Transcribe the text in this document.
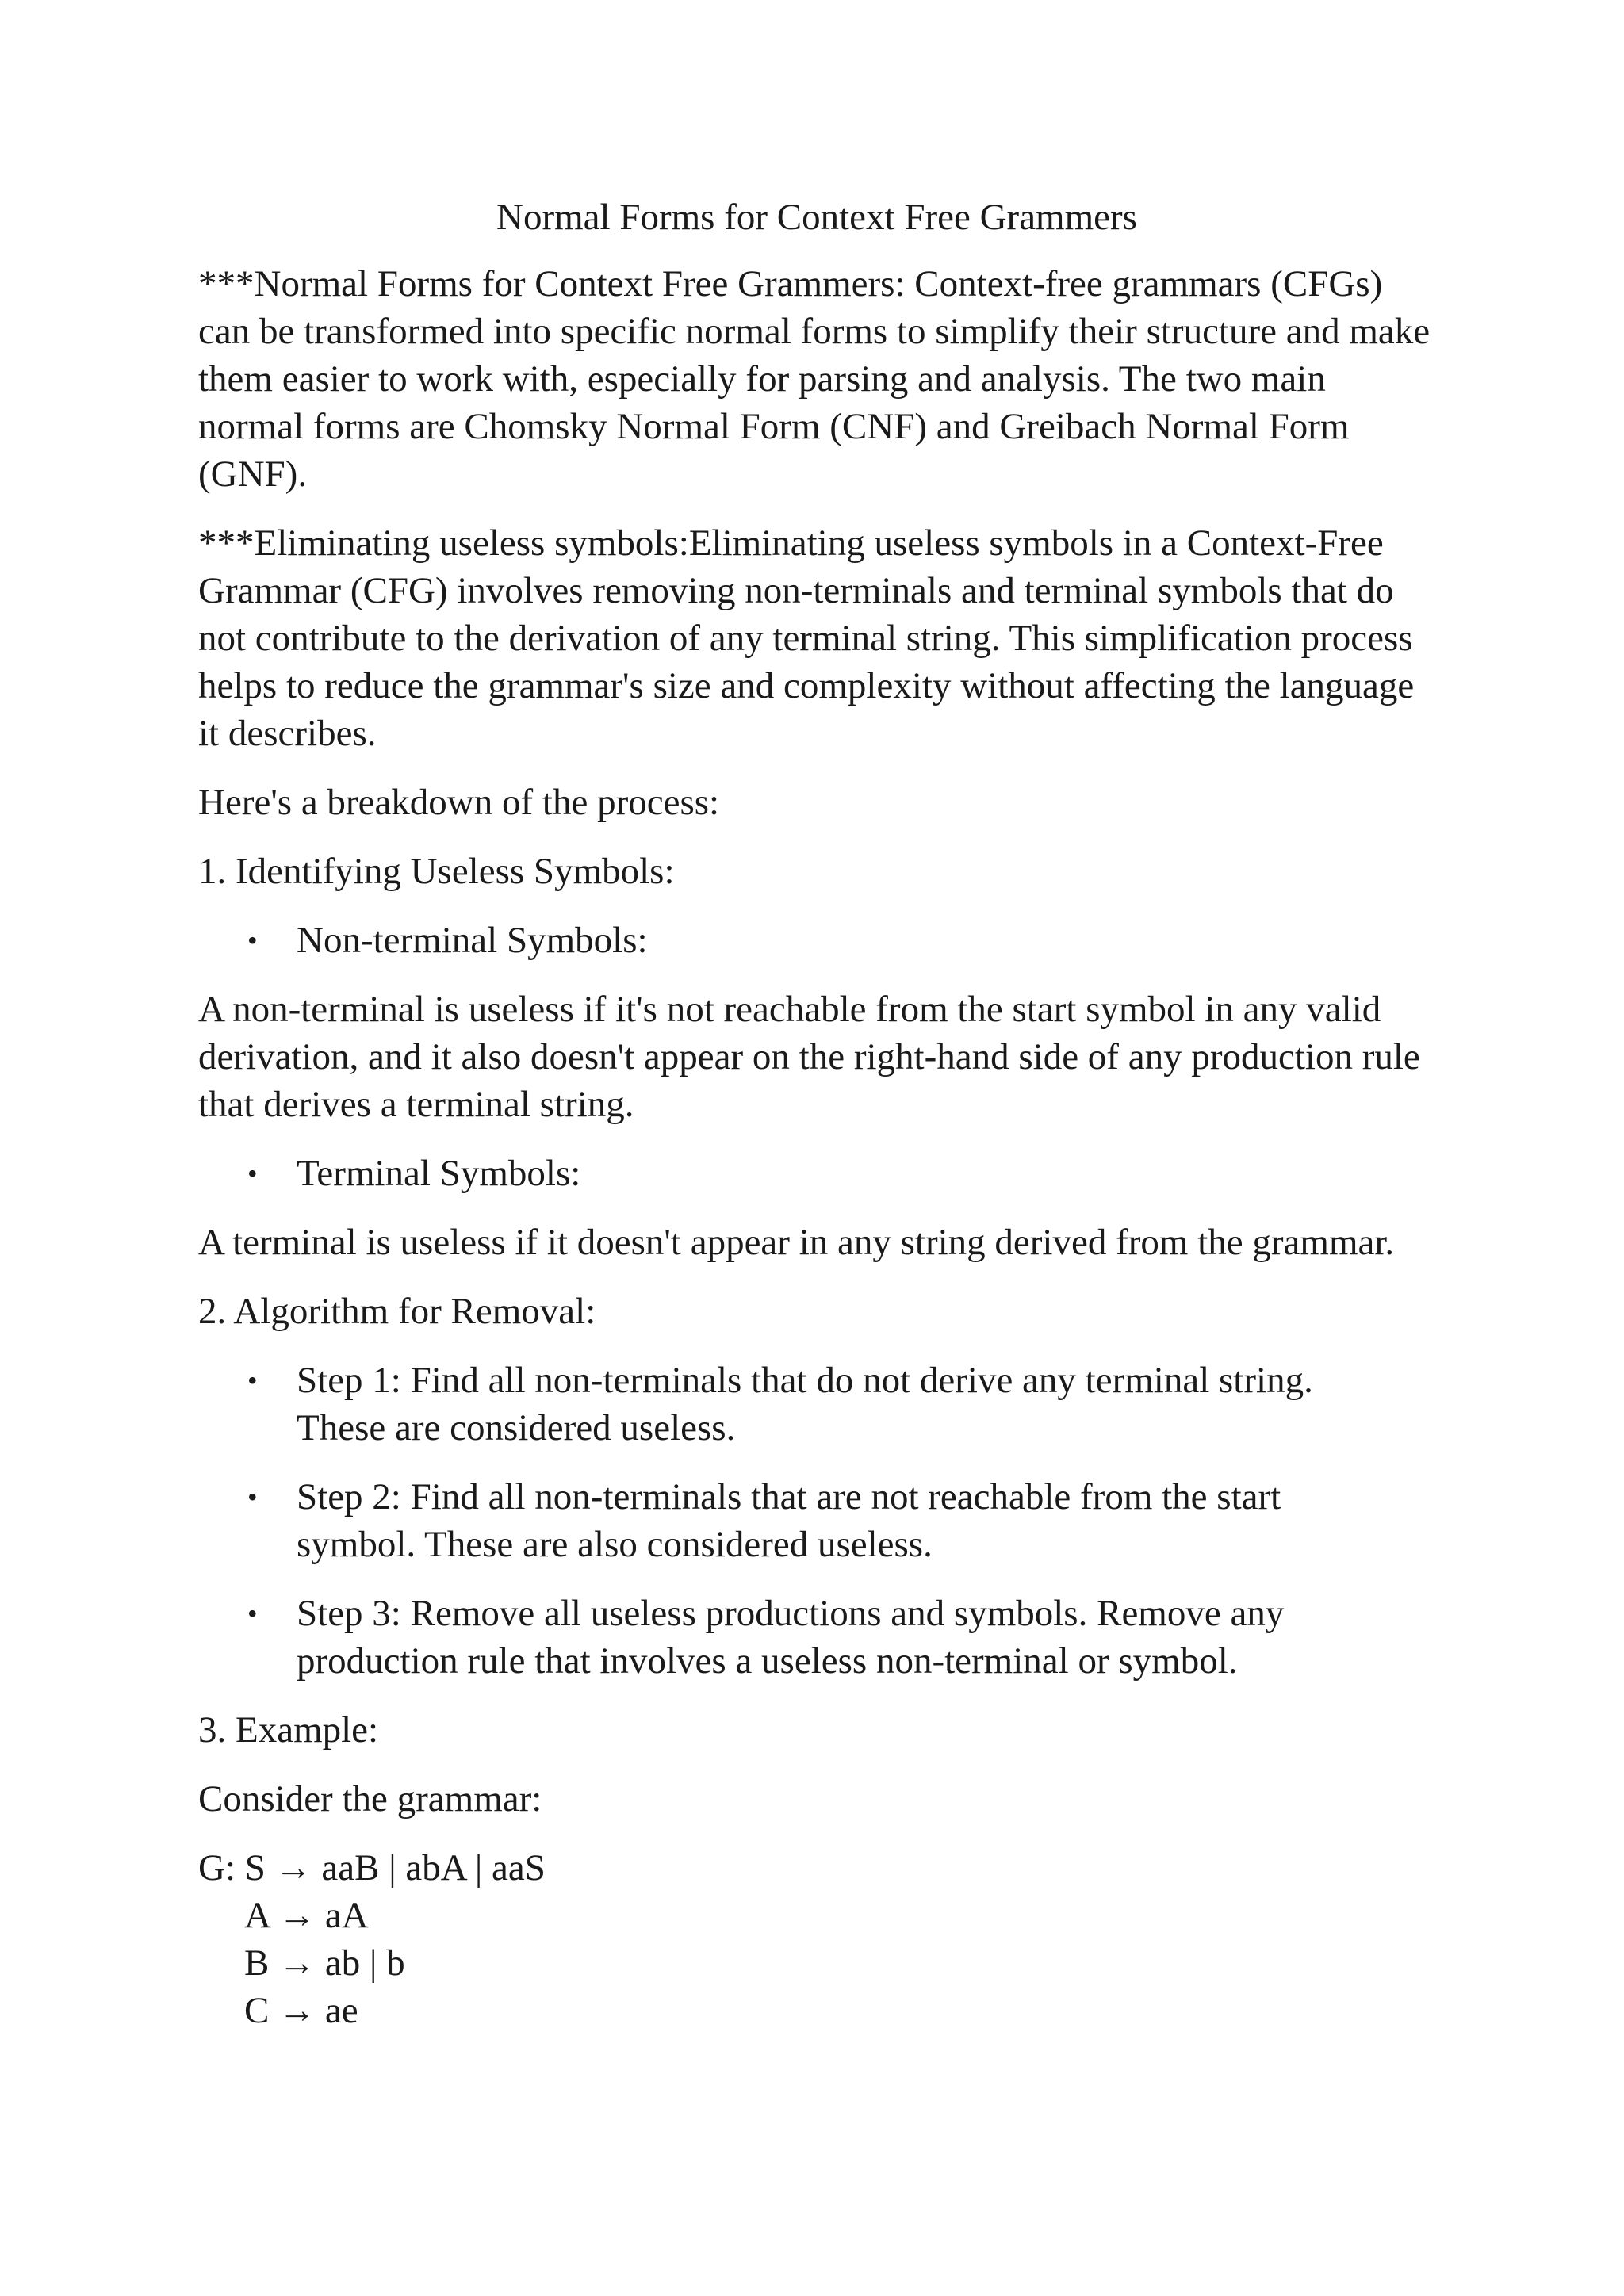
Normal Forms for Context Free Grammers

***Normal Forms for Context Free Grammers: Context-free grammars (CFGs) can be transformed into specific normal forms to simplify their structure and make them easier to work with, especially for parsing and analysis. The two main normal forms are Chomsky Normal Form (CNF) and Greibach Normal Form (GNF).

***Eliminating useless symbols:Eliminating useless symbols in a Context-Free Grammar (CFG) involves removing non-terminals and terminal symbols that do not contribute to the derivation of any terminal string. This simplification process helps to reduce the grammar's size and complexity without affecting the language it describes.

Here's a breakdown of the process:

1. Identifying Useless Symbols:

• Non-terminal Symbols:

A non-terminal is useless if it's not reachable from the start symbol in any valid derivation, and it also doesn't appear on the right-hand side of any production rule that derives a terminal string.

• Terminal Symbols:

A terminal is useless if it doesn't appear in any string derived from the grammar.

2. Algorithm for Removal:

• Step 1: Find all non-terminals that do not derive any terminal string. These are considered useless.
• Step 2: Find all non-terminals that are not reachable from the start symbol. These are also considered useless.
• Step 3: Remove all useless productions and symbols. Remove any production rule that involves a useless non-terminal or symbol.

3. Example:

Consider the grammar:

G: S → aaB | abA | aaS
A → aA
B → ab | b
C → ae
